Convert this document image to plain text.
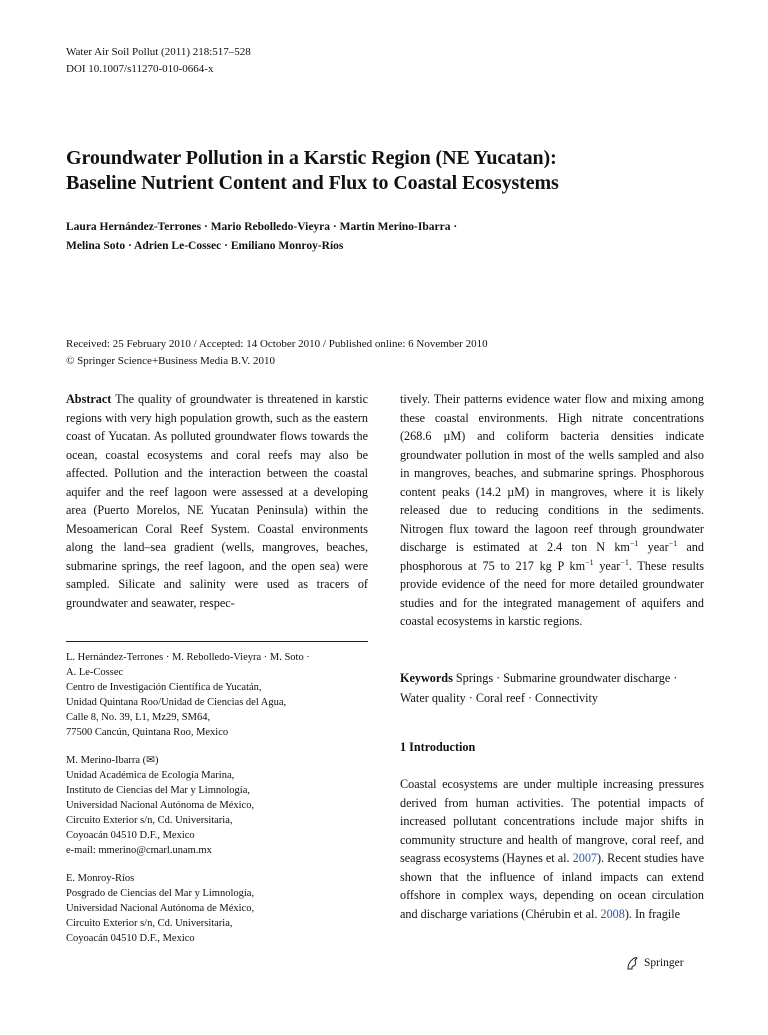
Water Air Soil Pollut (2011) 218:517–528
DOI 10.1007/s11270-010-0664-x
Groundwater Pollution in a Karstic Region (NE Yucatan):
Baseline Nutrient Content and Flux to Coastal Ecosystems
Laura Hernández-Terrones · Mario Rebolledo-Vieyra · Martin Merino-Ibarra ·
Melina Soto · Adrien Le-Cossec · Emiliano Monroy-Ríos
Received: 25 February 2010 / Accepted: 14 October 2010 / Published online: 6 November 2010
© Springer Science+Business Media B.V. 2010
Abstract The quality of groundwater is threatened in karstic regions with very high population growth, such as the eastern coast of Yucatan. As polluted groundwater flows towards the ocean, coastal ecosystems and coral reefs may also be affected. Pollution and the interaction between the coastal aquifer and the reef lagoon were assessed at a developing area (Puerto Morelos, NE Yucatan Peninsula) within the Mesoamerican Coral Reef System. Coastal environments along the land–sea gradient (wells, mangroves, beaches, submarine springs, the reef lagoon, and the open sea) were sampled. Silicate and salinity were used as tracers of groundwater and seawater, respec-
tively. Their patterns evidence water flow and mixing among these coastal environments. High nitrate concentrations (268.6 µM) and coliform bacteria densities indicate groundwater pollution in most of the wells sampled and also in mangroves, beaches, and submarine springs. Phosphorous content peaks (14.2 µM) in mangroves, where it is likely released due to reducing conditions in the sediments. Nitrogen flux toward the lagoon reef through groundwater discharge is estimated at 2.4 ton N $km^{-1}$ year$^{-1}$ and phosphorous at 75 to 217 kg P $km^{-1}$ year$^{-1}$. These results provide evidence of the need for more detailed groundwater studies and for the integrated management of aquifers and coastal ecosystems in karstic regions.
L. Hernández-Terrones · M. Rebolledo-Vieyra · M. Soto ·
A. Le-Cossec
Centro de Investigación Científica de Yucatán,
Unidad Quintana Roo/Unidad de Ciencias del Agua,
Calle 8, No. 39, L1, Mz29, SM64,
77500 Cancún, Quintana Roo, Mexico
M. Merino-Ibarra (✉)
Unidad Académica de Ecología Marina,
Instituto de Ciencias del Mar y Limnología,
Universidad Nacional Autónoma de México,
Circuito Exterior s/n, Cd. Universitaria,
Coyoacán 04510 D.F., Mexico
e-mail: mmerino@cmarl.unam.mx
E. Monroy-Ríos
Posgrado de Ciencias del Mar y Limnología,
Universidad Nacional Autónoma de México,
Circuito Exterior s/n, Cd. Universitaria,
Coyoacán 04510 D.F., Mexico
Keywords Springs · Submarine groundwater discharge · Water quality · Coral reef · Connectivity
1 Introduction
Coastal ecosystems are under multiple increasing pressures derived from human activities. The potential impacts of increased pollutant concentrations include major shifts in community structure and health of mangrove, coral reef, and seagrass ecosystems (Haynes et al. 2007). Recent studies have shown that the influence of inland impacts can extend offshore in complex ways, depending on ocean circulation and discharge variations (Chérubin et al. 2008). In fragile
Springer
